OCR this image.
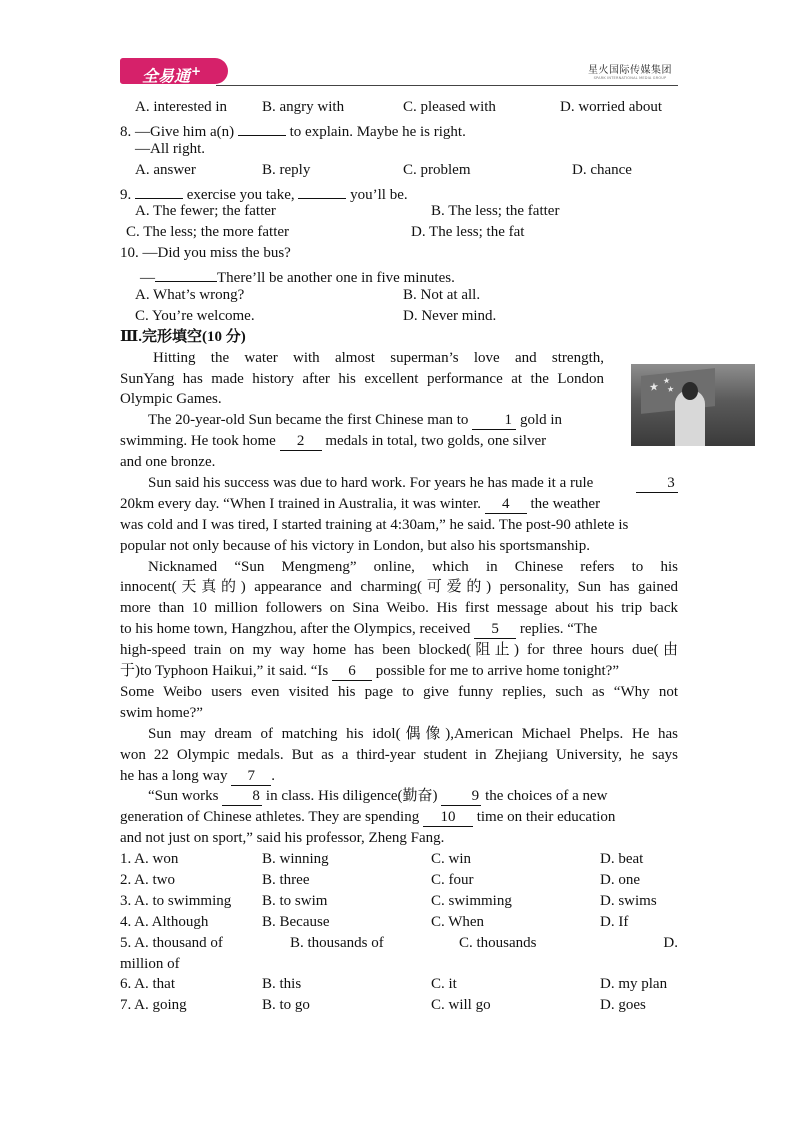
全易通+	星火国际传媒集团
SPARK INTERNATIONAL MEDIA GROUP
★
★
★
A. interested in B. angry with	C. pleased with	D. worried about
8. —Give him a(n)	to explain. Maybe he is right.
—All right.
A. answer	B. reply	C. problem	D. chance
9.	exercise you take,	you’ll be.
A. The fewer; the fatter	B. The less; the fatter
C. The less; the more fatter	D. The less; the fat
10. —Did you miss the bus?
—	There’ll be another one in five minutes.
A. What’s wrong?	B. Not at all.
C. You’re welcome.	D. Never mind.
Ⅲ.完形填空(10 分)
Hitting the water with almost superman’s love and strength,
SunYang has made history after his excellent performance at the London
Olympic Games.
The 20-year-old Sun became the first Chinese man to 1 gold in
swimming. He took home 2 medals in total, two golds, one silver
and one bronze.
Sun said his success was due to hard work. For years he has made it a rule	3
20km every day. “When I trained in Australia, it was winter. 4 the weather
was cold and I was tired, I started training at 4:30am,” he said. The post-90 athlete is
popular not only because of his victory in London, but also his sportsmanship.
Nicknamed “Sun Mengmeng” online, which in Chinese refers to his
innocent(天真的) appearance and charming(可爱的) personality, Sun has gained
more than 10 million followers on Sina Weibo. His first message about his trip back
to his home town, Hangzhou, after the Olympics, received 5 replies. “The
high-speed train on my way home has been blocked(阻止) for three hours due(由
于)to Typhoon Haikui,” it said. “Is 6 possible for me to arrive home tonight?”
Some Weibo users even visited his page to give funny replies, such as “Why not
swim home?”
Sun may dream of matching his idol(偶像),American Michael Phelps. He has
won 22 Olympic medals. But as a third-year student in Zhejiang University, he says
he has a long way 7 .
“Sun works 8 in class. His diligence(勤奋) 9 the choices of a new
generation of Chinese athletes. They are spending 10 time on their education
and not just on sport,” said his professor, Zheng Fang.
1. A. won	B. winning	C. win	D. beat
2. A. two	B. three	C. four	D. one
3. A. to swimming B. to swim	C. swimming	D. swims
4. A. Although	B. Because	C. When	D. If
5. A. thousand of	B. thousands of	C. thousands	D.
million of
6. A. that	B. this	C. it	D. my plan
7. A. going	B. to go	C. will go	D. goes
